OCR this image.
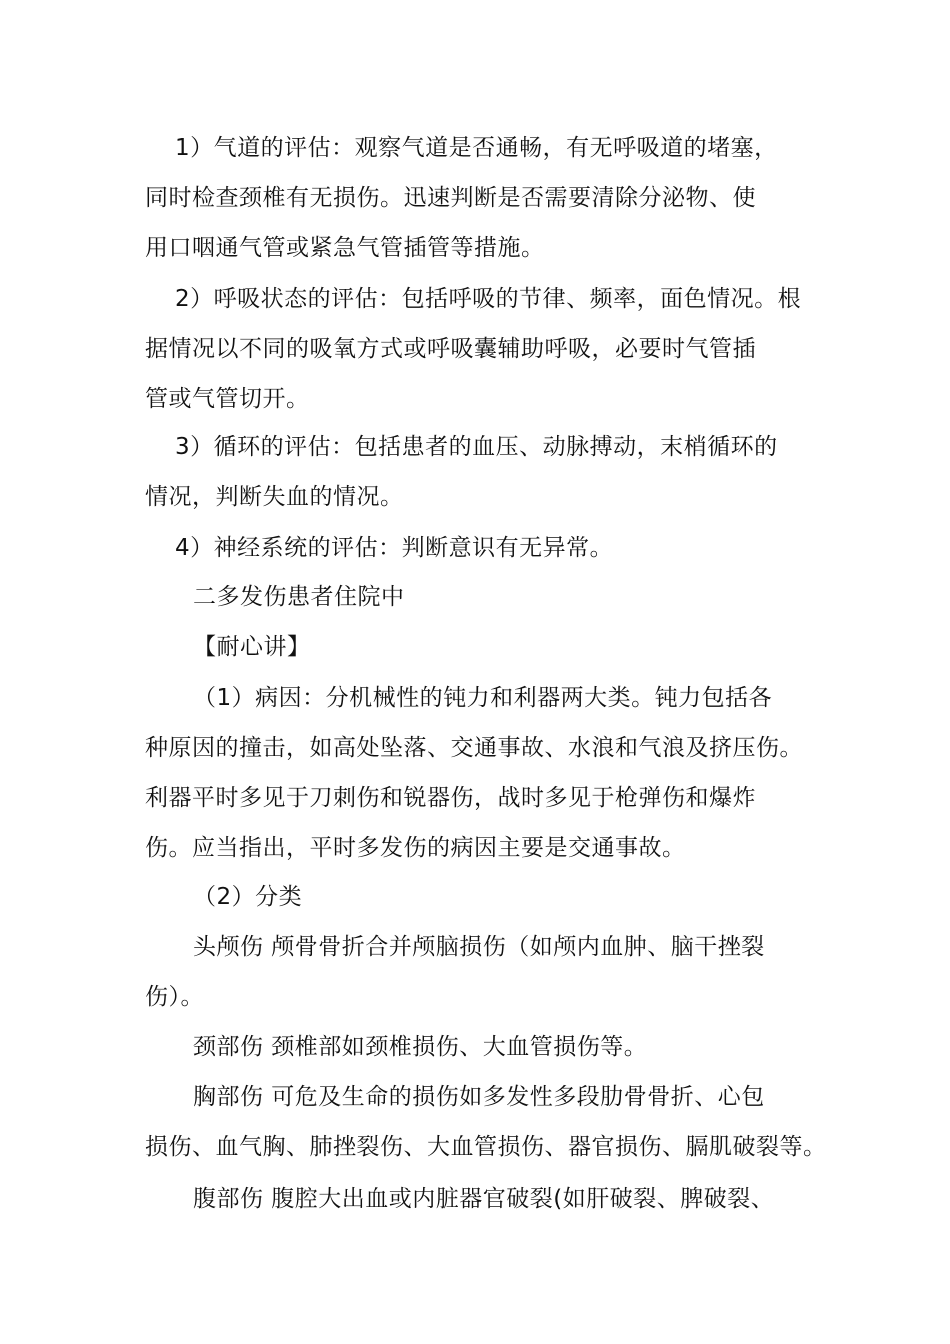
1）气道的评估：观察气道是否通畅，有无呼吸道的堵塞，
同时检查颈椎有无损伤。迅速判断是否需要清除分泌物、使
用口咽通气管或紧急气管插管等措施。
2）呼吸状态的评估：包括呼吸的节律、频率，面色情况。根
据情况以不同的吸氧方式或呼吸囊辅助呼吸，必要时气管插
管或气管切开。
3）循环的评估：包括患者的血压、动脉搏动，末梢循环的
情况，判断失血的情况。
4）神经系统的评估：判断意识有无异常。
二多发伤患者住院中
【耐心讲】
（1）病因：分机械性的钝力和利器两大类。钝力包括各
种原因的撞击，如高处坠落、交通事故、水浪和气浪及挤压伤。
利器平时多见于刀刺伤和锐器伤，战时多见于枪弹伤和爆炸
伤。应当指出，平时多发伤的病因主要是交通事故。
（2）分类
头颅伤 颅骨骨折合并颅脑损伤（如颅内血肿、脑干挫裂
伤）。
颈部伤 颈椎部如颈椎损伤、大血管损伤等。
胸部伤 可危及生命的损伤如多发性多段肋骨骨折、心包
损伤、血气胸、肺挫裂伤、大血管损伤、器官损伤、膈肌破裂等。
腹部伤 腹腔大出血或内脏器官破裂(如肝破裂、脾破裂、
